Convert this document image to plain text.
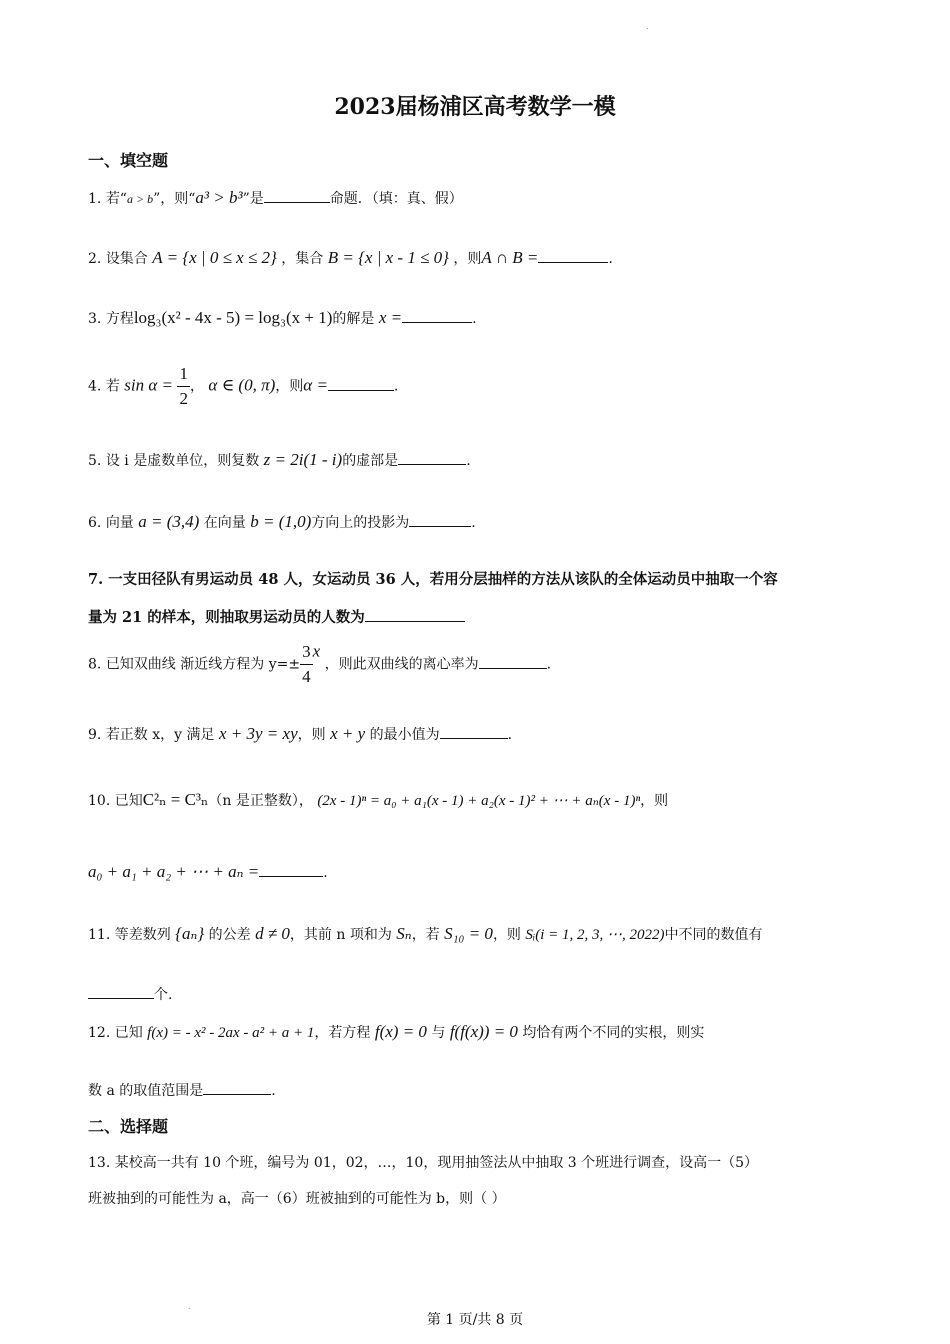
.
2023届杨浦区高考数学一模
一、填空题
1. 若“a > b”，则“a³ > b³”是	命题．（填：真、假）
2. 设集合 A = {x | 0 ≤ x ≤ 2} ，集合 B = {x | x - 1 ≤ 0} ，则A ∩ B =	.
3. 方程log₃(x² - 4x - 5) = log₃(x + 1)的解是 x =	.
4. 若 $\sin \alpha = \frac{1}{2}$ ， α ∈ (0, π)，则α =	.
5. 设 i 是虚数单位，则复数 z = 2i(1 - i)的虚部是	.
6. 向量 a = (3,4) 在向量 b = (1,0)方向上的投影为	.
7. 一支田径队有男运动员 48 人，女运动员 36 人，若用分层抽样的方法从该队的全体运动员中抽取一个容
量为 21 的样本，则抽取男运动员的人数为
8. 已知双曲线 渐近线方程为 $y=\pm \frac{3}{4}$ x ，则此双曲线的离心率为	.
9. 若正数 x，y 满足 x + 3y = xy，则 x + y 的最小值为	.
10. 已知C²ₙ = C³ₙ（n 是正整数）， (2x - 1)ⁿ = a₀ + a₁(x - 1) + a₂(x - 1)² + ⋯ + aₙ(x - 1)ⁿ，则
a₀ + a₁ + a₂ + ⋯ + aₙ =	.
11. 等差数列 {aₙ} 的公差 d ≠ 0，其前 n 项和为 Sₙ，若 S₁₀ = 0，则 Sᵢ(i = 1, 2, 3, ⋯, 2022)中不同的数值有
个.
12. 已知 f(x) = - x² - 2ax - a² + a + 1，若方程 f(x) = 0 与 f(f(x)) = 0 均恰有两个不同的实根，则实
数 a 的取值范围是	.
二、选择题
13. 某校高一共有 10 个班，编号为 01，02，…，10，现用抽签法从中抽取 3 个班进行调查，设高一（5）
班被抽到的可能性为 a，高一（6）班被抽到的可能性为 b，则（ ）
.
第 1 页/共 8 页
